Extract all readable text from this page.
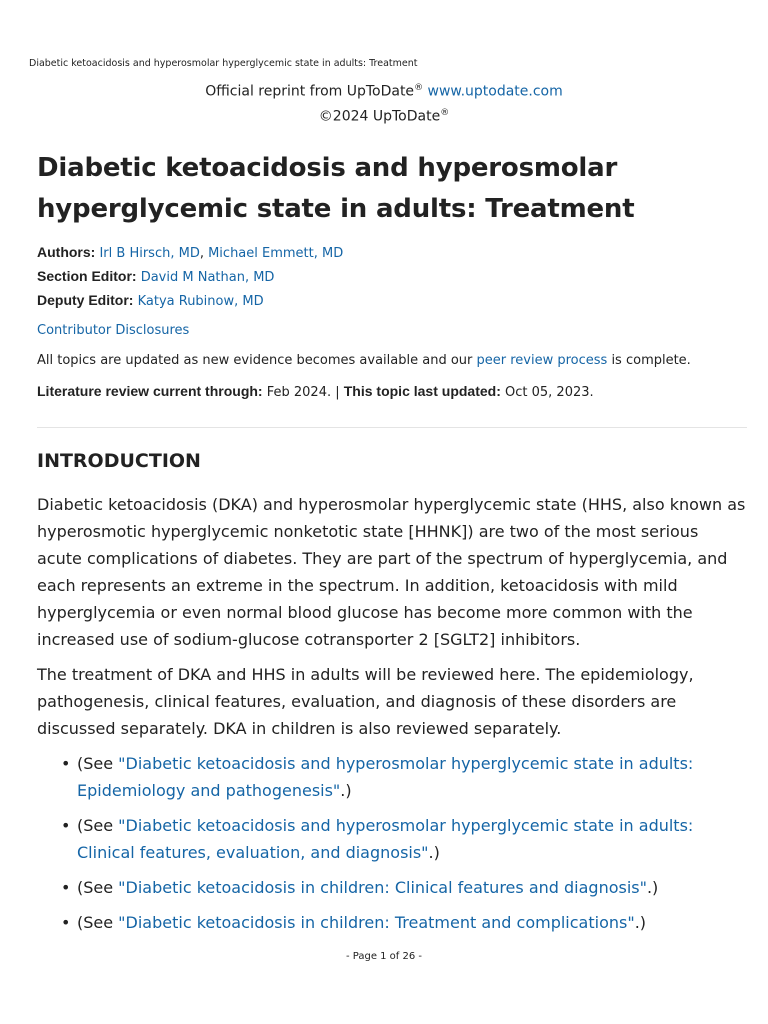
Diabetic ketoacidosis and hyperosmolar hyperglycemic state in adults: Treatment
Official reprint from UpToDate® www.uptodate.com
©2024 UpToDate®
Diabetic ketoacidosis and hyperosmolar hyperglycemic state in adults: Treatment
Authors: Irl B Hirsch, MD, Michael Emmett, MD
Section Editor: David M Nathan, MD
Deputy Editor: Katya Rubinow, MD
Contributor Disclosures
All topics are updated as new evidence becomes available and our peer review process is complete.
Literature review current through: Feb 2024. | This topic last updated: Oct 05, 2023.
INTRODUCTION

Diabetic ketoacidosis (DKA) and hyperosmolar hyperglycemic state (HHS, also known as hyperosmotic hyperglycemic nonketotic state [HHNK]) are two of the most serious acute complications of diabetes. They are part of the spectrum of hyperglycemia, and each represents an extreme in the spectrum. In addition, ketoacidosis with mild hyperglycemia or even normal blood glucose has become more common with the increased use of sodium-glucose cotransporter 2 [SGLT2] inhibitors.

The treatment of DKA and HHS in adults will be reviewed here. The epidemiology, pathogenesis, clinical features, evaluation, and diagnosis of these disorders are discussed separately. DKA in children is also reviewed separately.

• (See "Diabetic ketoacidosis and hyperosmolar hyperglycemic state in adults: Epidemiology and pathogenesis".)
• (See "Diabetic ketoacidosis and hyperosmolar hyperglycemic state in adults: Clinical features, evaluation, and diagnosis".)
• (See "Diabetic ketoacidosis in children: Clinical features and diagnosis".)
• (See "Diabetic ketoacidosis in children: Treatment and complications".)
- Page 1 of 26 -
